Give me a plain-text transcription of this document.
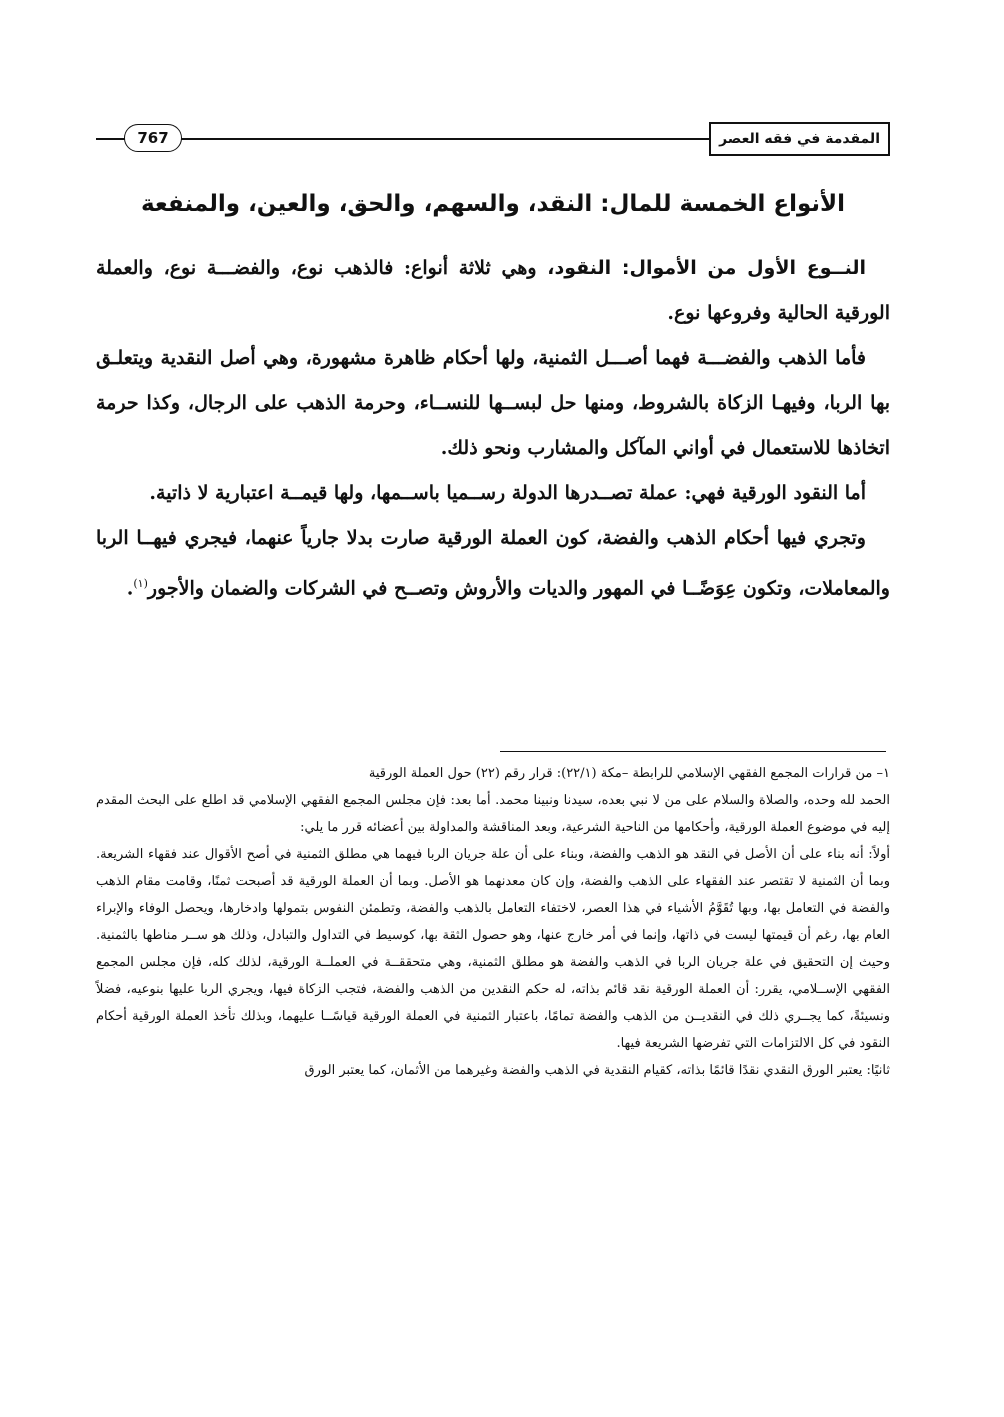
767	المقدمة في فقه العصر
الأنواع الخمسة للمال: النقد، والسهم، والحق، والعين، والمنفعة

النــوع الأول من الأموال: النقود، وهي ثلاثة أنواع: فالذهب نوع، والفضـــة نوع، والعملة الورقية الحالية وفروعها نوع.

فأما الذهب والفضـــة فهما أصـــل الثمنية، ولها أحكام ظاهرة مشهورة، وهي أصل النقدية ويتعلـق بها الربا، وفيهـا الزكاة بالشروط، ومنها حل لبســها للنســاء، وحرمة الذهب على الرجال، وكذا حرمة اتخاذها للاستعمال في أواني المآكل والمشارب ونحو ذلك.

أما النقود الورقية فهي: عملة تصــدرها الدولة رســميا باســمها، ولها قيمــة اعتبارية لا ذاتية.

وتجري فيها أحكام الذهب والفضة، كون العملة الورقية صارت بدلا جارياً عنهما، فيجري فيهــا الربا والمعاملات، وتكون عِوَضًــا في المهور والديات والأروش وتصــح في الشركات والضمان والأجور$^{(١)}$.

١– من قرارات المجمع الفقهي الإسلامي للرابطة –مكة (٢٢/١): قرار رقم (٢٢) حول العملة الورقية

الحمد لله وحده، والصلاة والسلام على من لا نبي بعده، سيدنا ونبينا محمد. أما بعد: فإن مجلس المجمع الفقهي الإسلامي قد اطلع على البحث المقدم إليه في موضوع العملة الورقية، وأحكامها من الناحية الشرعية، وبعد المناقشة والمداولة بين أعضائه قرر ما يلي:

أولاً: أنه بناء على أن الأصل في النقد هو الذهب والفضة، وبناء على أن علة جريان الربا فيهما هي مطلق الثمنية في أصح الأقوال عند فقهاء الشريعة. وبما أن الثمنية لا تقتصر عند الفقهاء على الذهب والفضة، وإن كان معدنهما هو الأصل. وبما أن العملة الورقية قد أصبحت ثمنًا، وقامت مقام الذهب والفضة في التعامل بها، وبها تُقَوَّمُ الأشياء في هذا العصر، لاختفاء التعامل بالذهب والفضة، وتطمئن النفوس بتمولها وادخارها، ويحصل الوفاء والإبراء العام بها، رغم أن قيمتها ليست في ذاتها، وإنما في أمر خارج عنها، وهو حصول الثقة بها، كوسيط في التداول والتبادل، وذلك هو ســر مناطها بالثمنية. وحيث إن التحقيق في علة جريان الربا في الذهب والفضة هو مطلق الثمنية، وهي متحققــة في العملــة الورقية، لذلك كله، فإن مجلس المجمع الفقهي الإســلامي، يقرر: أن العملة الورقية نقد قائم بذاته، له حكم النقدين من الذهب والفضة، فتجب الزكاة فيها، ويجري الربا عليها بنوعيه، فضلاً ونسيئةً، كما يجــري ذلك في النقديــن من الذهب والفضة تمامًا، باعتبار الثمنية في العملة الورقية قياسًــا عليهما، وبذلك تأخذ العملة الورقية أحكام النقود في كل الالتزامات التي تفرضها الشريعة فيها.

ثانيًا: يعتبر الورق النقدي نقدًا قائمًا بذاته، كقيام النقدية في الذهب والفضة وغيرهما من الأثمان، كما يعتبر الورق
